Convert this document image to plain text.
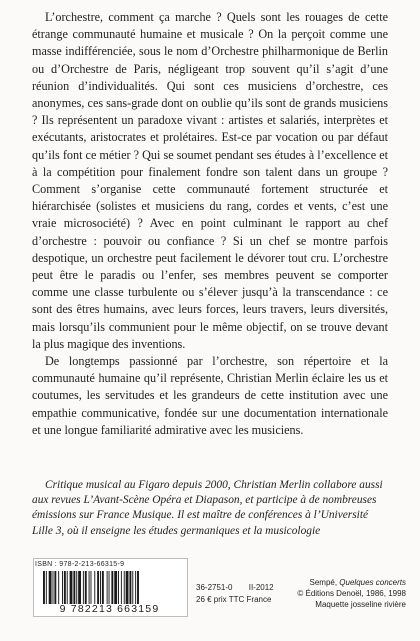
L’orchestre, comment ça marche ? Quels sont les rouages de cette étrange communauté humaine et musicale ? On la perçoit comme une masse indifférenciée, sous le nom d’Orchestre philharmonique de Berlin ou d’Orchestre de Paris, négligeant trop souvent qu’il s’agit d’une réunion d’individualités. Qui sont ces musiciens d’orchestre, ces anonymes, ces sans-grade dont on oublie qu’ils sont de grands musiciens ? Ils représentent un paradoxe vivant : artistes et salariés, interprètes et exécutants, aristocrates et prolétaires. Est-ce par vocation ou par défaut qu’ils font ce métier ? Qui se soumet pendant ses études à l’excellence et à la compétition pour finalement fondre son talent dans un groupe ? Comment s’organise cette communauté fortement structurée et hiérarchisée (solistes et musiciens du rang, cordes et vents, c’est une vraie microsociété) ? Avec en point culminant le rapport au chef d’orchestre : pouvoir ou confiance ? Si un chef se montre parfois despotique, un orchestre peut facilement le dévorer tout cru. L’orchestre peut être le paradis ou l’enfer, ses membres peuvent se comporter comme une classe turbulente ou s’élever jusqu’à la transcendance : ce sont des êtres humains, avec leurs forces, leurs travers, leurs diversités, mais lorsqu’ils communient pour le même objectif, on se trouve devant la plus magique des inventions.

De longtemps passionné par l’orchestre, son répertoire et la communauté humaine qu’il représente, Christian Merlin éclaire les us et coutumes, les servitudes et les grandeurs de cette institution avec une empathie communicative, fondée sur une documentation internationale et une longue familiarité admirative avec les musiciens.

Critique musical au Figaro depuis 2000, Christian Merlin collabore aussi aux revues L’Avant-Scène Opéra et Diapason, et participe à de nombreuses émissions sur France Musique. Il est maître de conférences à l’Université Lille 3, où il enseigne les études germaniques et la musicologie

ISBN : 978-2-213-66315-9
9 782213 663159
36-2751-0 II-2012
26 € prix TTC France
Sempé, Quelques concerts
© Éditions Denoël, 1986, 1998
Maquette josseline rivière
